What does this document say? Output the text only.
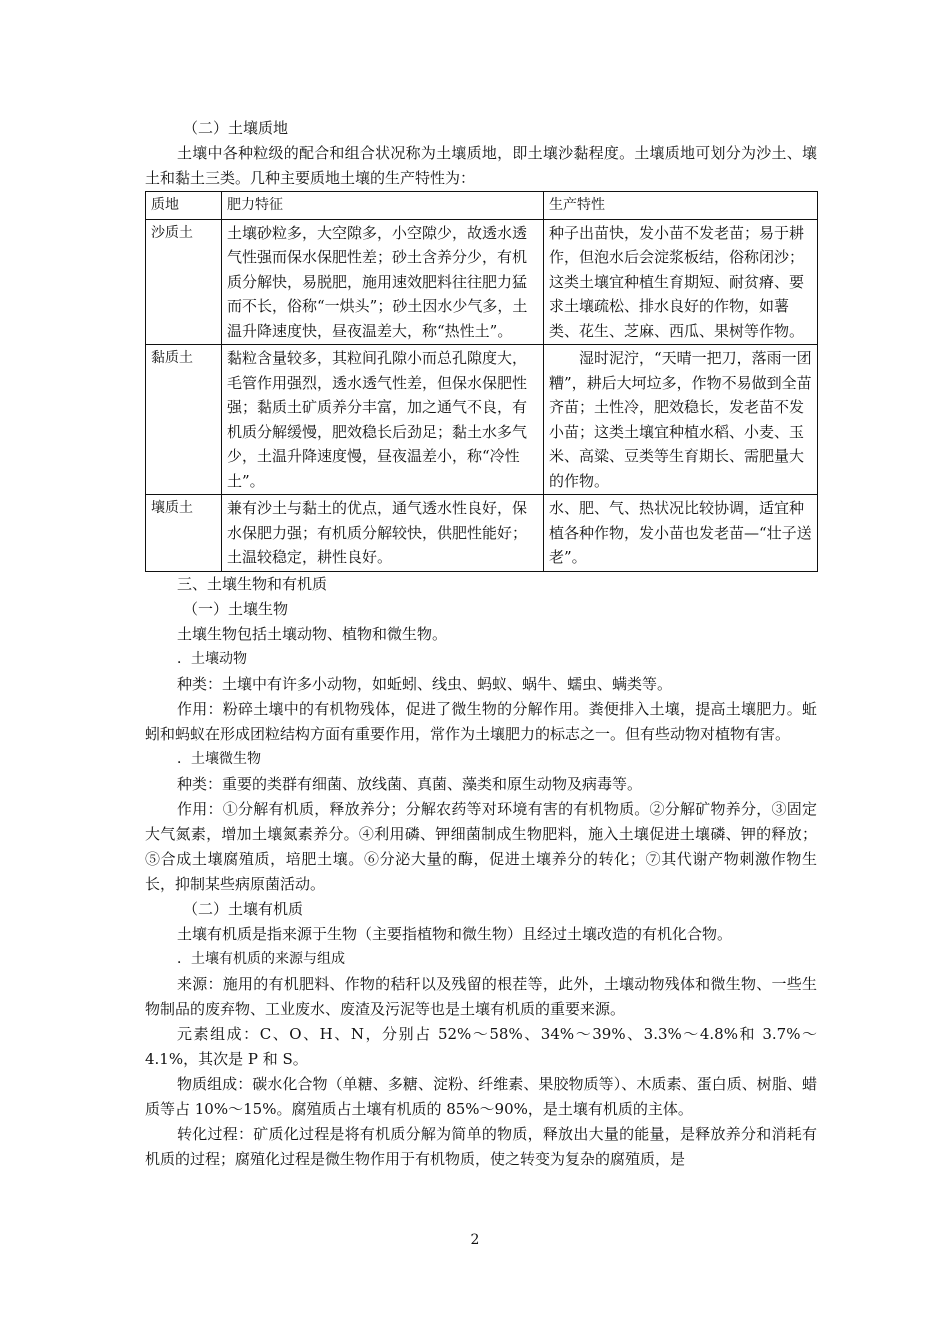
（二）土壤质地

土壤中各种粒级的配合和组合状况称为土壤质地，即土壤沙黏程度。土壤质地可划分为沙土、壤土和黏土三类。几种主要质地土壤的生产特性为：

质地	肥力特征	生产特性
沙质土	土壤砂粒多，大空隙多，小空隙少，故透水透气性强而保水保肥性差；砂土含养分少，有机质分解快，易脱肥，施用速效肥料往往肥力猛而不长，俗称“一烘头”；砂土因水少气多，土温升降速度快，昼夜温差大，称“热性土”。	种子出苗快，发小苗不发老苗；易于耕作，但泡水后会淀浆板结，俗称闭沙；这类土壤宜种植生育期短、耐贫瘠、要求土壤疏松、排水良好的作物，如薯类、花生、芝麻、西瓜、果树等作物。
黏质土	黏粒含量较多，其粒间孔隙小而总孔隙度大，毛管作用强烈，透水透气性差，但保水保肥性强；黏质土矿质养分丰富，加之通气不良，有机质分解缓慢，肥效稳长后劲足；黏土水多气少，土温升降速度慢，昼夜温差小，称“冷性土”。	湿时泥泞，“天晴一把刀，落雨一团糟”，耕后大坷垃多，作物不易做到全苗齐苗；土性冷，肥效稳长，发老苗不发小苗；这类土壤宜种植水稻、小麦、玉米、高粱、豆类等生育期长、需肥量大的作物。
壤质土	兼有沙土与黏土的优点，通气透水性良好，保水保肥力强；有机质分解较快，供肥性能好；土温较稳定，耕性良好。	水、肥、气、热状况比较协调，适宜种植各种作物，发小苗也发老苗—“壮子送老”。

三、土壤生物和有机质

（一）土壤生物

土壤生物包括土壤动物、植物和微生物。

．土壤动物

种类：土壤中有许多小动物，如蚯蚓、线虫、蚂蚁、蜗牛、蠕虫、螨类等。

作用：粉碎土壤中的有机物残体，促进了微生物的分解作用。粪便排入土壤，提高土壤肥力。蚯蚓和蚂蚁在形成团粒结构方面有重要作用，常作为土壤肥力的标志之一。但有些动物对植物有害。

．土壤微生物

种类：重要的类群有细菌、放线菌、真菌、藻类和原生动物及病毒等。

作用：①分解有机质，释放养分；分解农药等对环境有害的有机物质。②分解矿物养分，③固定大气氮素，增加土壤氮素养分。④利用磷、钾细菌制成生物肥料，施入土壤促进土壤磷、钾的释放；⑤合成土壤腐殖质，培肥土壤。⑥分泌大量的酶，促进土壤养分的转化；⑦其代谢产物刺激作物生长，抑制某些病原菌活动。

（二）土壤有机质

土壤有机质是指来源于生物（主要指植物和微生物）且经过土壤改造的有机化合物。

．土壤有机质的来源与组成

来源：施用的有机肥料、作物的秸秆以及残留的根茬等，此外，土壤动物残体和微生物、一些生物制品的废弃物、工业废水、废渣及污泥等也是土壤有机质的重要来源。

元素组成：C、O、H、N，分别占 52%～58%、34%～39%、3.3%～4.8%和 3.7%～4.1%，其次是 P 和 S。

物质组成：碳水化合物（单糖、多糖、淀粉、纤维素、果胶物质等）、木质素、蛋白质、树脂、蜡质等占 10%～15%。腐殖质占土壤有机质的 85%～90%，是土壤有机质的主体。

转化过程：矿质化过程是将有机质分解为简单的物质，释放出大量的能量，是释放养分和消耗有机质的过程；腐殖化过程是微生物作用于有机物质，使之转变为复杂的腐殖质，是

2
